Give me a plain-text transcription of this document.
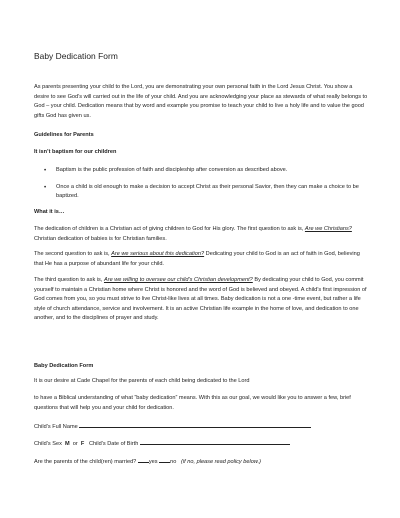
Baby Dedication Form

As parents presenting your child to the Lord, you are demonstrating your own personal faith in the Lord Jesus Christ. You show a desire to see God’s will carried out in the life of your child. And you are acknowledging your place as stewards of what really belongs to God – your child. Dedication means that by word and example you promise to teach your child to live a holy life and to value the good gifts God has given us.

Guidelines for Parents

It isn’t baptism for our children

• Baptism is the public profession of faith and discipleship after conversion as described above.
• Once a child is old enough to make a decision to accept Christ as their personal Savior, then they can make a choice to be baptized.

What it is…

The dedication of children is a Christian act of giving children to God for His glory. The first question to ask is, Are we Christians? Christian dedication of babies is for Christian families.

The second question to ask is, Are we serious about this dedication? Dedicating your child to God is an act of faith in God, believing that He has a purpose of abundant life for your child.

The third question to ask is, Are we willing to oversee our child’s Christian development? By dedicating your child to God, you commit yourself to maintain a Christian home where Christ is honored and the word of God is believed and obeyed. A child’s first impression of God comes from you, so you must strive to live Christ-like lives at all times. Baby dedication is not a one -time event, but rather a life style of church attendance, service and involvement. It is an active Christian life example in the home of love, and dedication to one another, and to the disciplines of prayer and study.

Baby Dedication Form

It is our desire at Cade Chapel for the parents of each child being dedicated to the Lord

to have a Biblical understanding of what “baby dedication” means. With this as our goal, we would like you to answer a few, brief questions that will help you and your child for dedication.

Child’s Full Name

Child’s Sex M or F Child’s Date of Birth

Are the parents of the child(ren) married? yes no (if no, please read policy below.)
